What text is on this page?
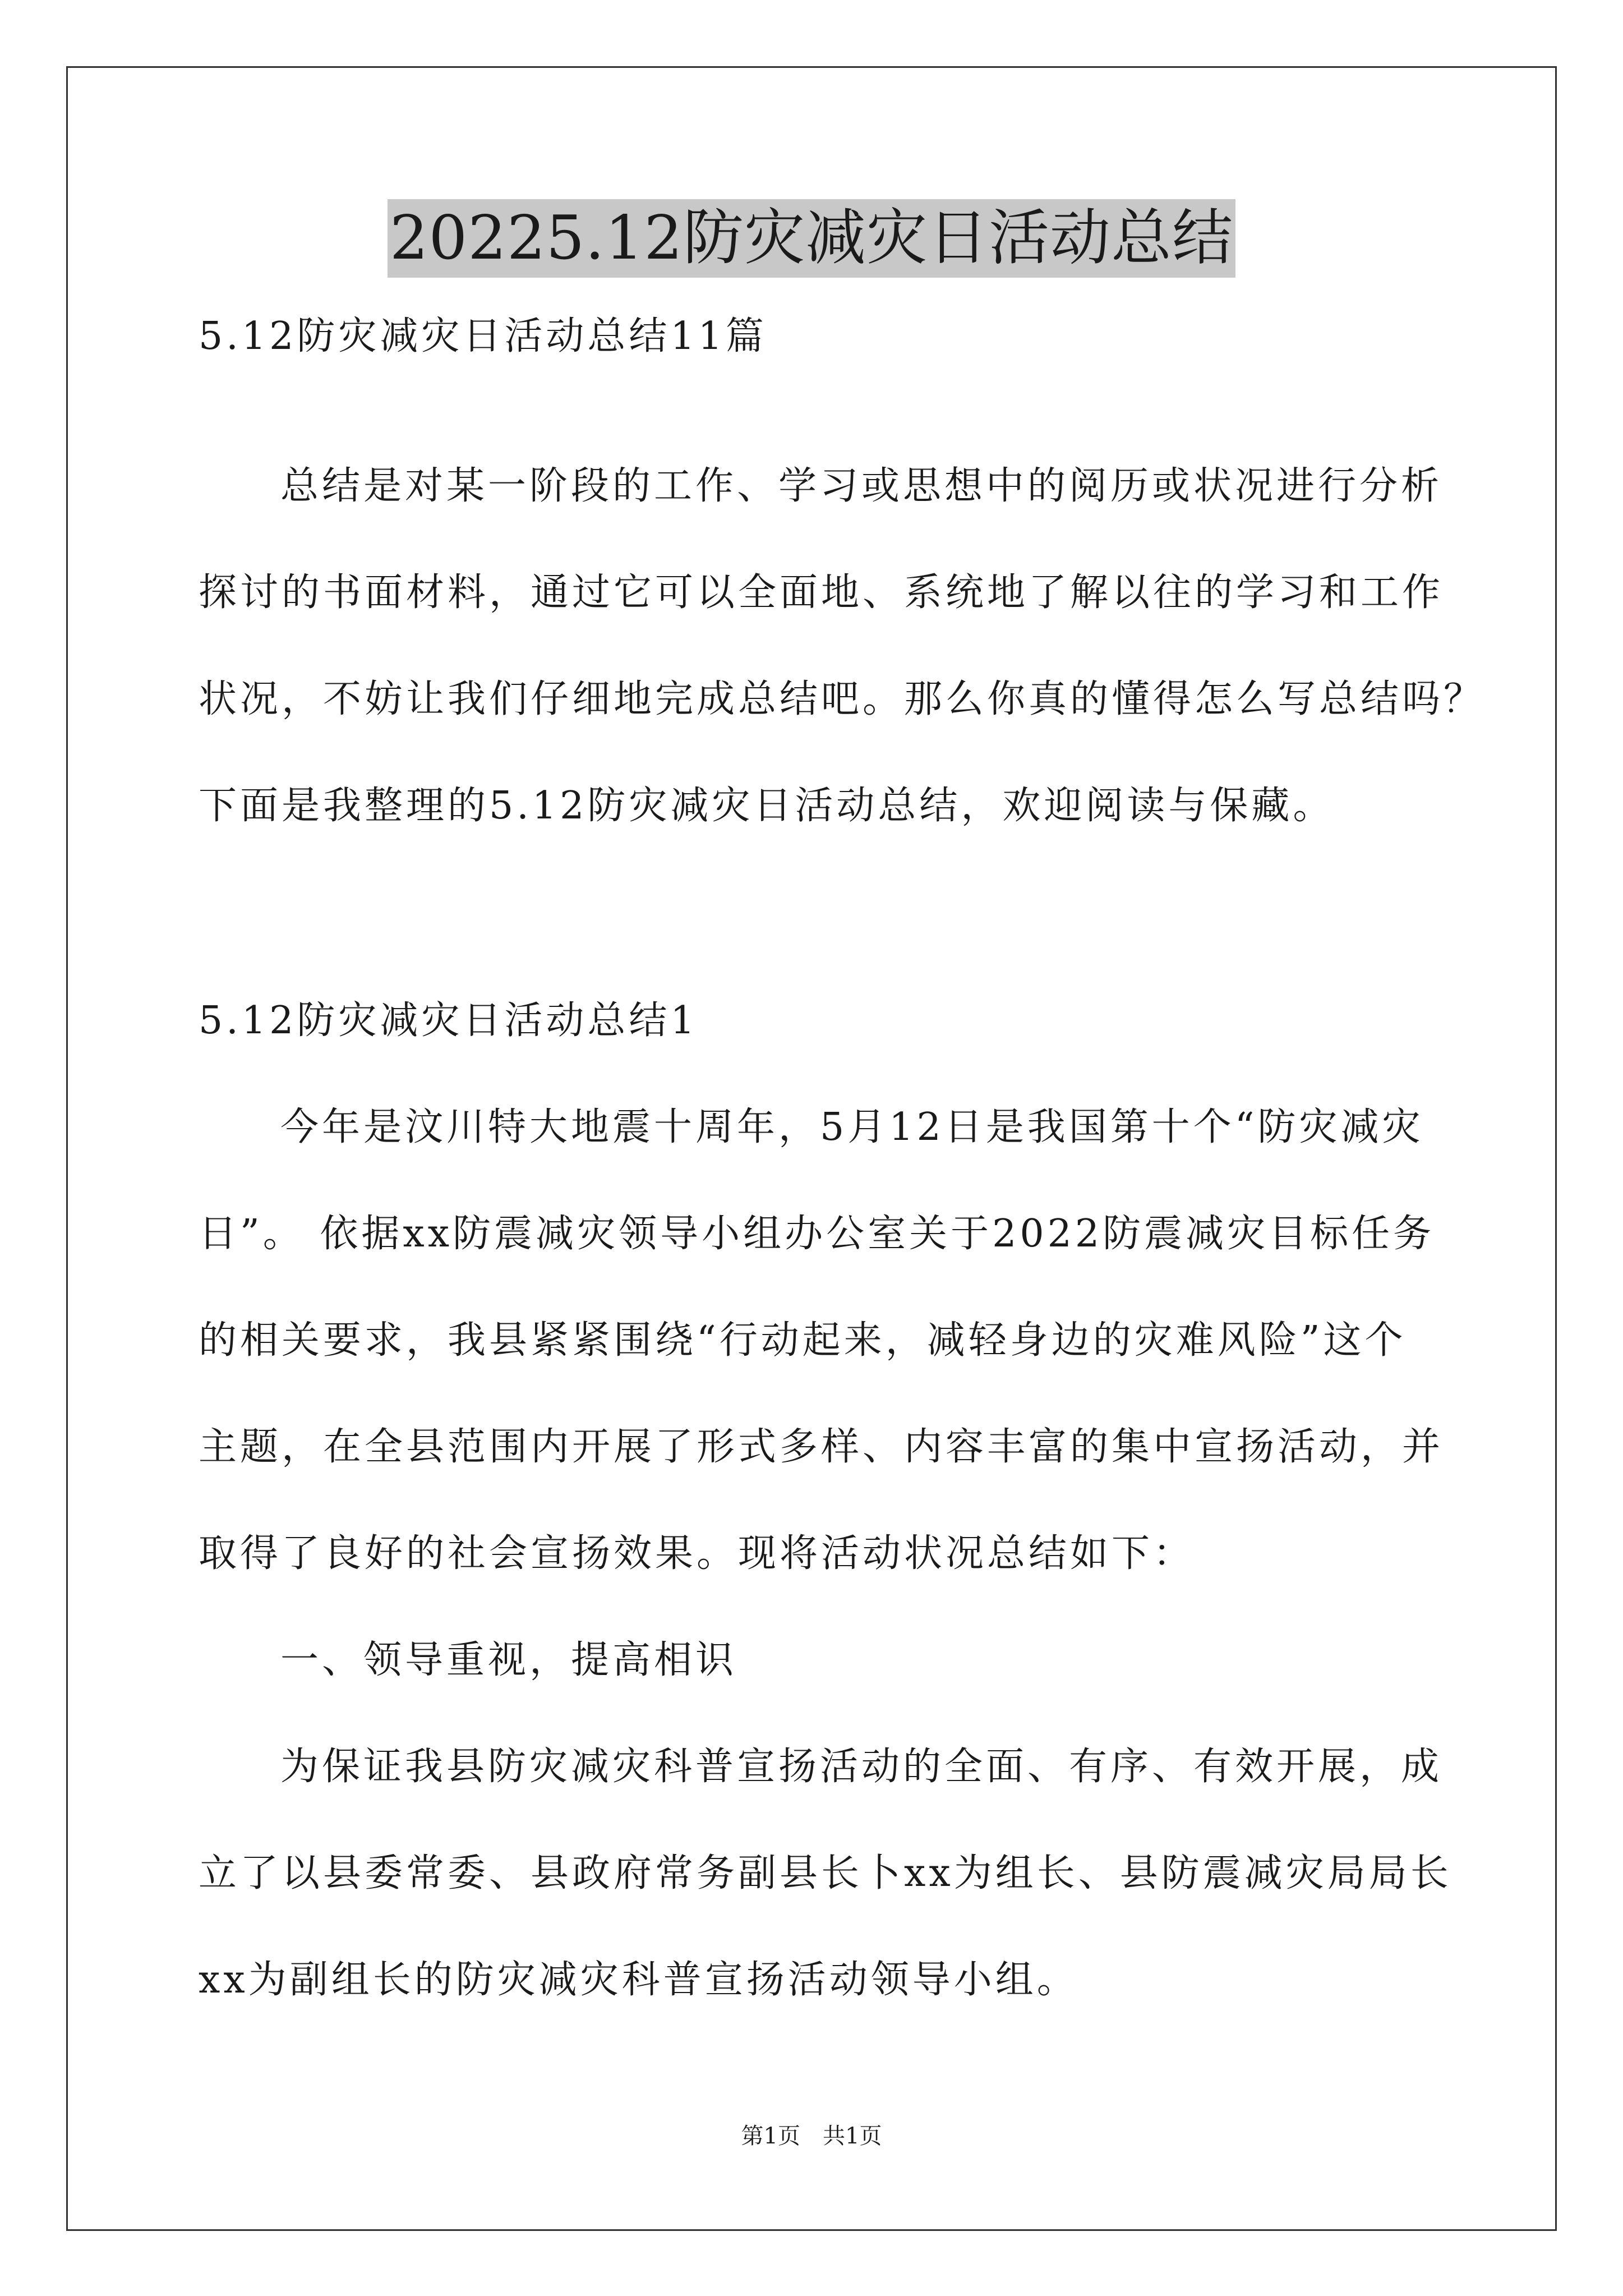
20225.12防灾减灾日活动总结
5.12防灾减灾日活动总结11篇
总结是对某一阶段的工作、学习或思想中的阅历或状况进行分析
探讨的书面材料，通过它可以全面地、系统地了解以往的学习和工作
状况，不妨让我们仔细地完成总结吧。那么你真的懂得怎么写总结吗？
下面是我整理的5.12防灾减灾日活动总结，欢迎阅读与保藏。
5.12防灾减灾日活动总结1
今年是汶川特大地震十周年，5月12日是我国第十个“防灾减灾
日”。 依据xx防震减灾领导小组办公室关于2022防震减灾目标任务
的相关要求，我县紧紧围绕“行动起来，减轻身边的灾难风险”这个
主题，在全县范围内开展了形式多样、内容丰富的集中宣扬活动，并
取得了良好的社会宣扬效果。现将活动状况总结如下：
一、领导重视，提高相识
为保证我县防灾减灾科普宣扬活动的全面、有序、有效开展，成
立了以县委常委、县政府常务副县长卜xx为组长、县防震减灾局局长
xx为副组长的防灾减灾科普宣扬活动领导小组。
第1页 共1页
